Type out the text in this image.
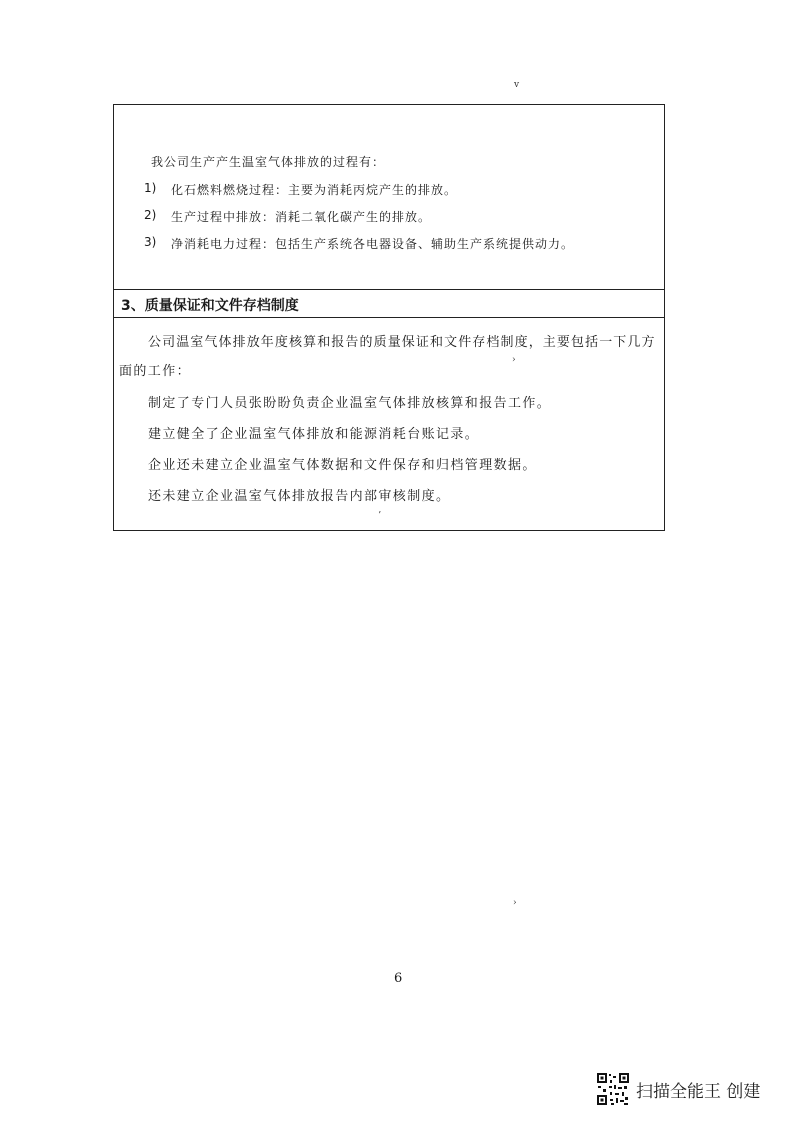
ⅴ
我公司生产产生温室气体排放的过程有：
1) 化石燃料燃烧过程：主要为消耗丙烷产生的排放。
2) 生产过程中排放：消耗二氧化碳产生的排放。
3) 净消耗电力过程：包括生产系统各电器设备、辅助生产系统提供动力。
3、质量保证和文件存档制度
公司温室气体排放年度核算和报告的质量保证和文件存档制度，主要包括一下几方
面的工作：
›
制定了专门人员张盼盼负责企业温室气体排放核算和报告工作。
建立健全了企业温室气体排放和能源消耗台账记录。
企业还未建立企业温室气体数据和文件保存和归档管理数据。
还未建立企业温室气体排放报告内部审核制度。
ʼ
›
6
扫描全能王 创建
